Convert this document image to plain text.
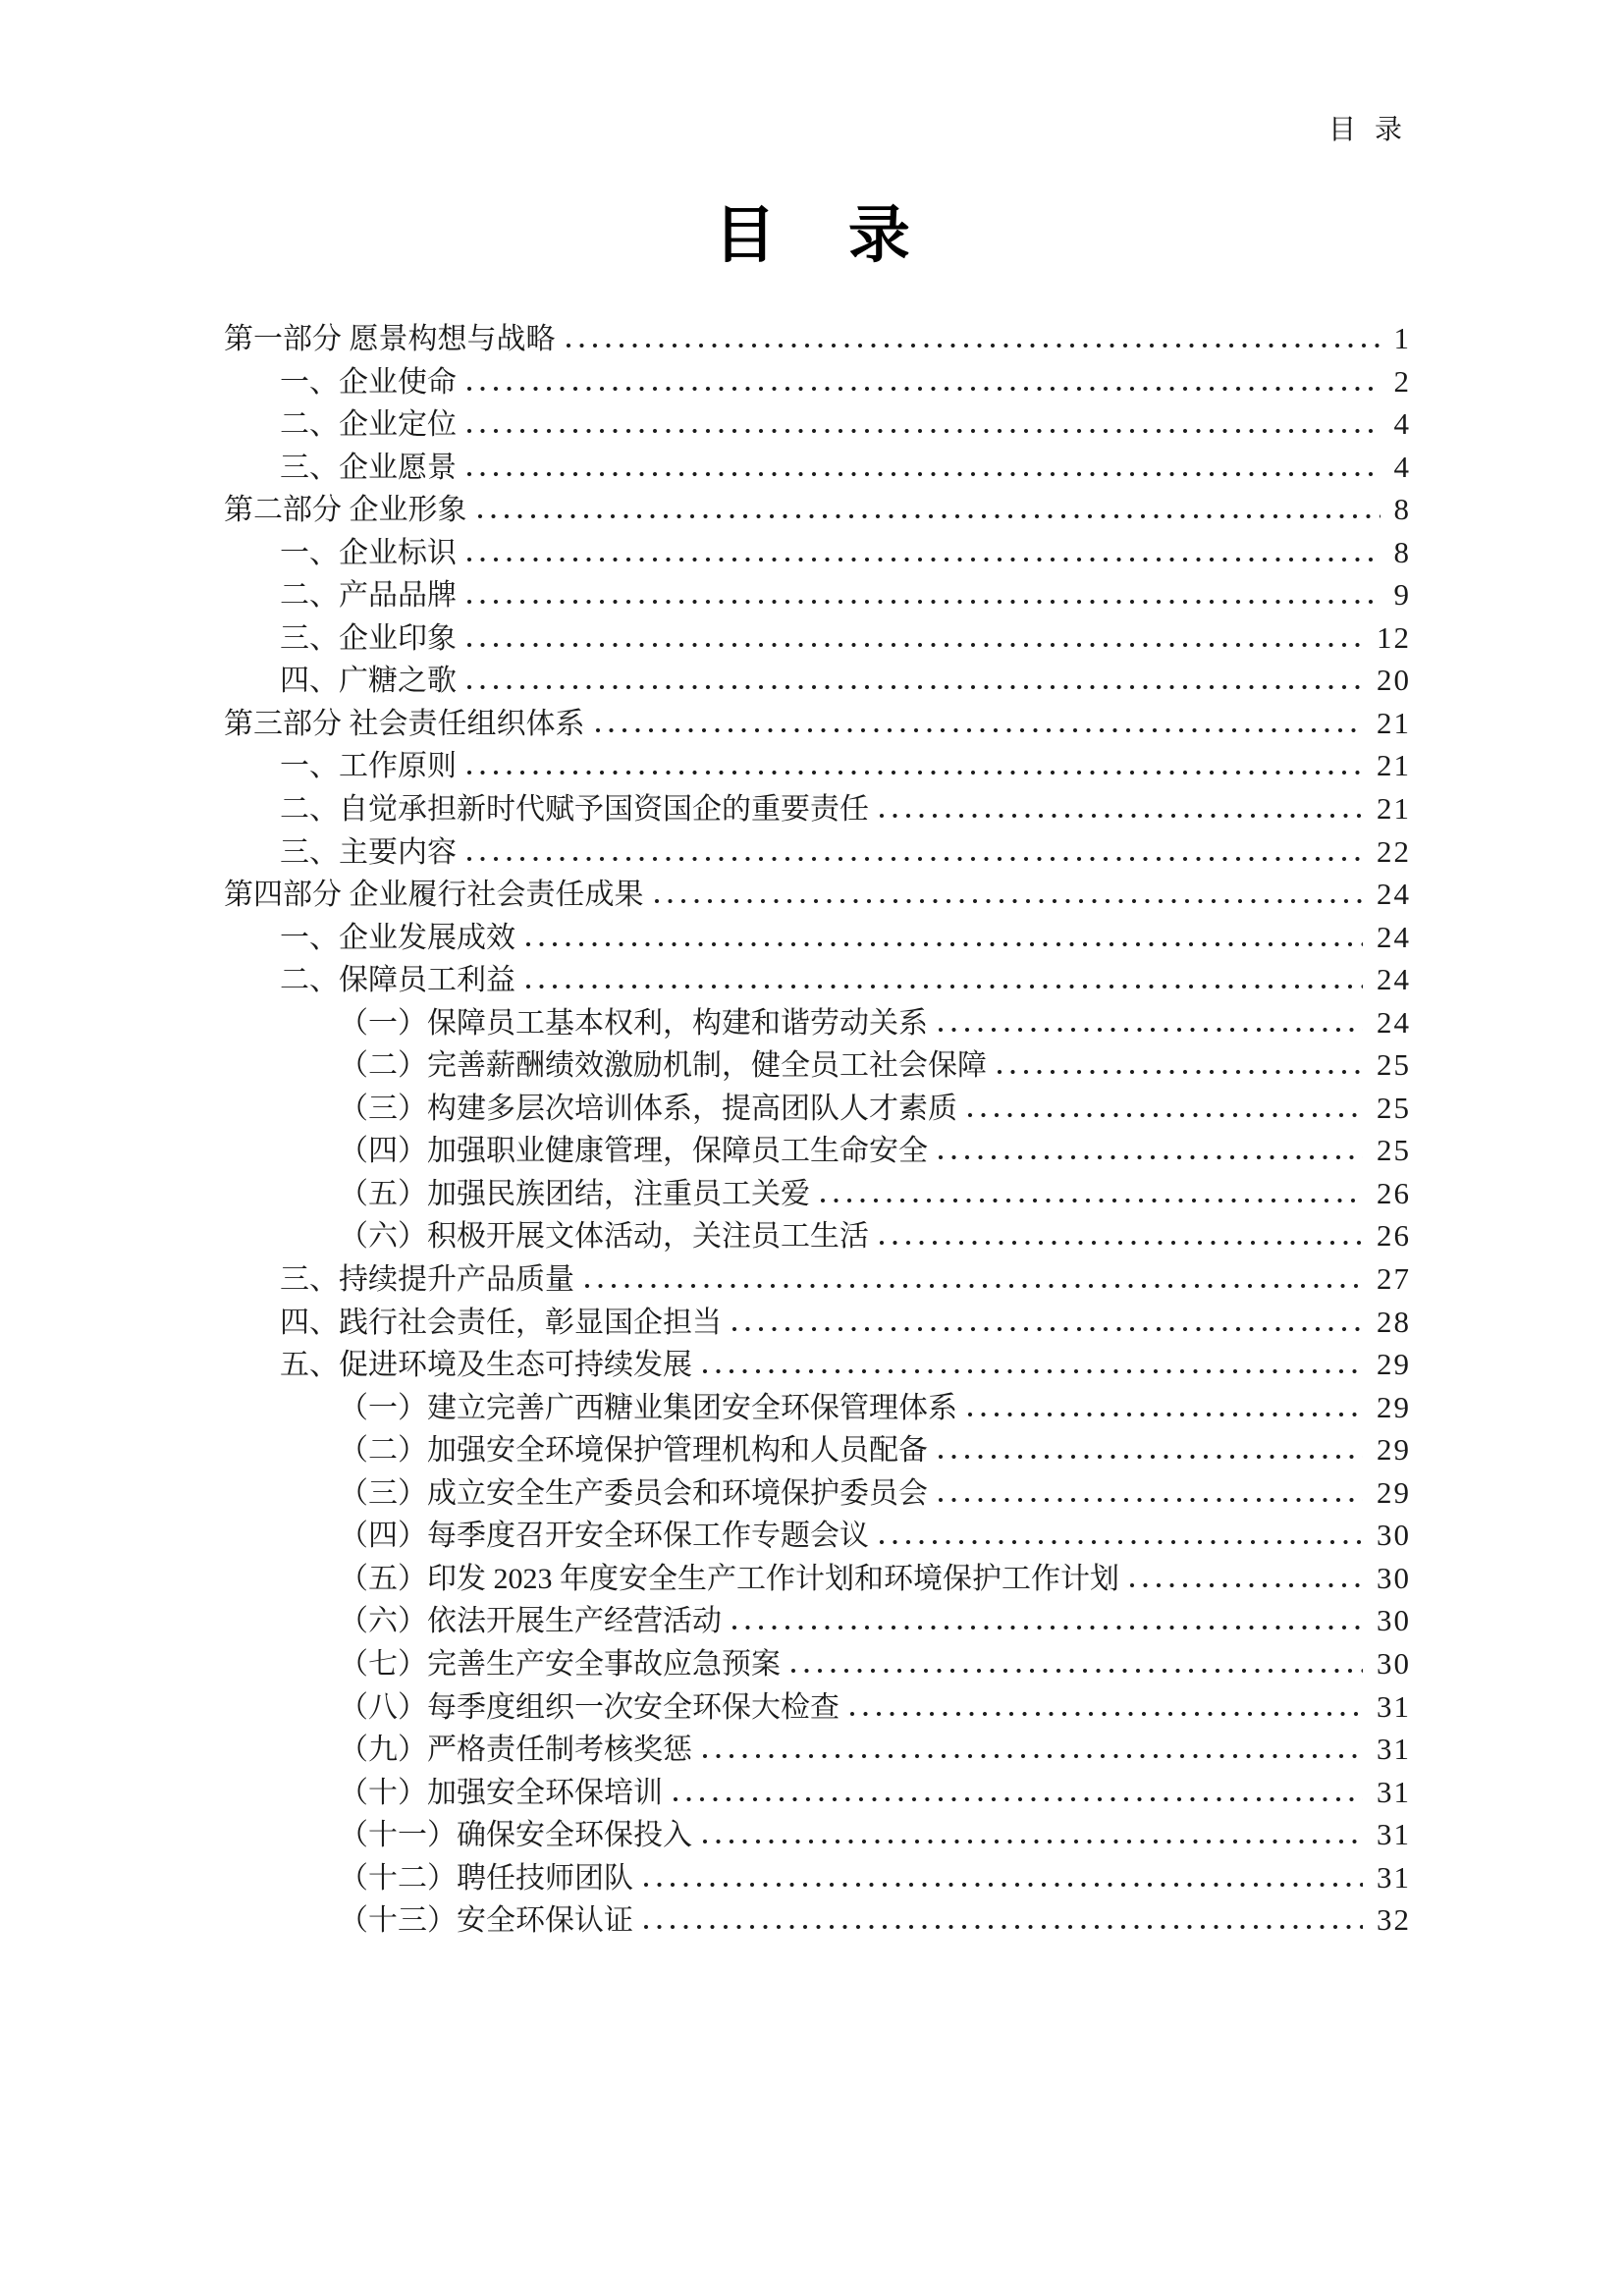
目 录
目 录
第一部分 愿景构想与战略	1
一、企业使命	2
二、企业定位	4
三、企业愿景	4
第二部分 企业形象	8
一、企业标识	8
二、产品品牌	9
三、企业印象	12
四、广糖之歌	20
第三部分 社会责任组织体系	21
一、工作原则	21
二、自觉承担新时代赋予国资国企的重要责任	21
三、主要内容	22
第四部分 企业履行社会责任成果	24
一、企业发展成效	24
二、保障员工利益	24
（一）保障员工基本权利，构建和谐劳动关系	24
（二）完善薪酬绩效激励机制，健全员工社会保障	25
（三）构建多层次培训体系，提高团队人才素质	25
（四）加强职业健康管理，保障员工生命安全	25
（五）加强民族团结，注重员工关爱	26
（六）积极开展文体活动，关注员工生活	26
三、持续提升产品质量	27
四、践行社会责任，彰显国企担当	28
五、促进环境及生态可持续发展	29
（一）建立完善广西糖业集团安全环保管理体系	29
（二）加强安全环境保护管理机构和人员配备	29
（三）成立安全生产委员会和环境保护委员会	29
（四）每季度召开安全环保工作专题会议	30
（五）印发 2023 年度安全生产工作计划和环境保护工作计划	30
（六）依法开展生产经营活动	30
（七）完善生产安全事故应急预案	30
（八）每季度组织一次安全环保大检查	31
（九）严格责任制考核奖惩	31
（十）加强安全环保培训	31
（十一）确保安全环保投入	31
（十二）聘任技师团队	31
（十三）安全环保认证	32
